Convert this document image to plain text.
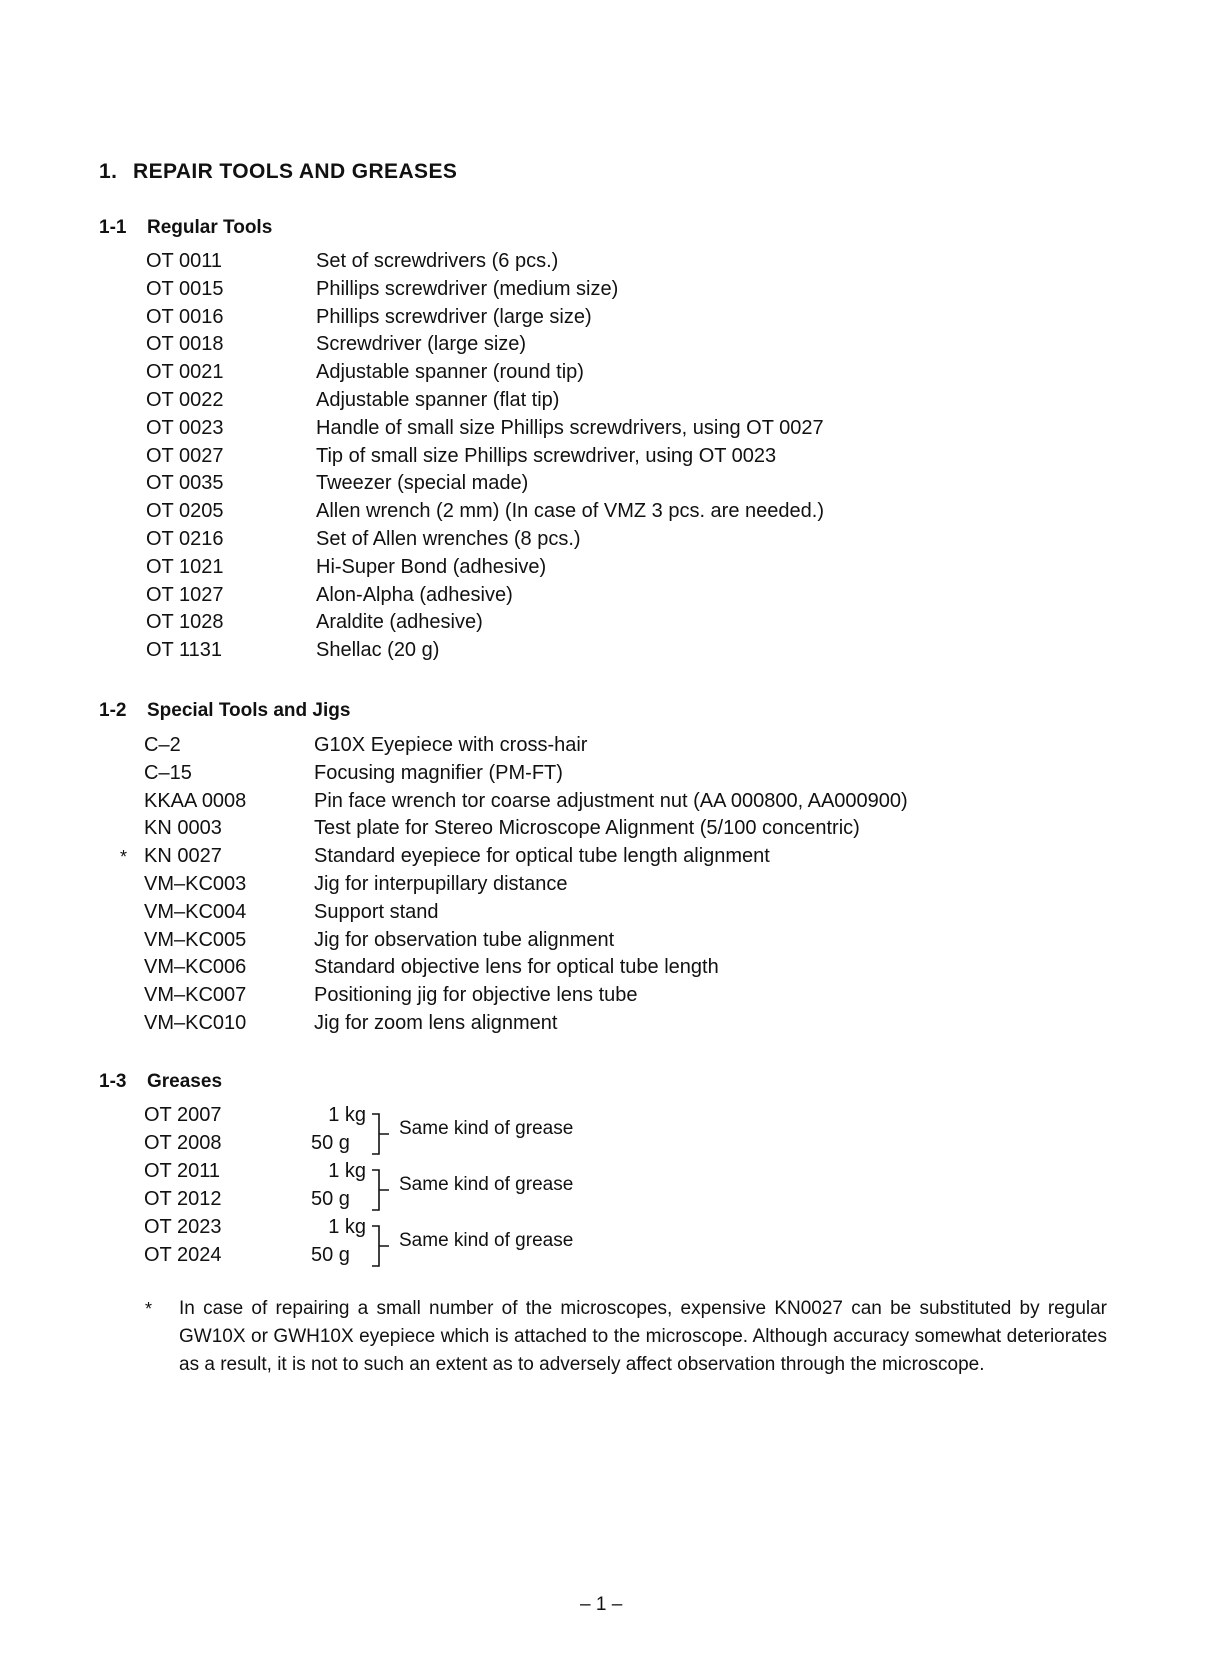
1. REPAIR TOOLS AND GREASES
1-1 Regular Tools
OT 0011	Set of screwdrivers (6 pcs.)
OT 0015	Phillips screwdriver (medium size)
OT 0016	Phillips screwdriver (large size)
OT 0018	Screwdriver (large size)
OT 0021	Adjustable spanner (round tip)
OT 0022	Adjustable spanner (flat tip)
OT 0023	Handle of small size Phillips screwdrivers, using OT 0027
OT 0027	Tip of small size Phillips screwdriver, using OT 0023
OT 0035	Tweezer (special made)
OT 0205	Allen wrench (2 mm) (In case of VMZ 3 pcs. are needed.)
OT 0216	Set of Allen wrenches (8 pcs.)
OT 1021	Hi-Super Bond (adhesive)
OT 1027	Alon-Alpha (adhesive)
OT 1028	Araldite (adhesive)
OT 1131	Shellac (20 g)
1-2 Special Tools and Jigs
C–2	G10X Eyepiece with cross-hair
C–15	Focusing magnifier (PM-FT)
KKAA 0008	Pin face wrench tor coarse adjustment nut (AA 000800, AA000900)
KN 0003	Test plate for Stereo Microscope Alignment (5/100 concentric)
* KN 0027	Standard eyepiece for optical tube length alignment
VM–KC003	Jig for interpupillary distance
VM–KC004	Support stand
VM–KC005	Jig for observation tube alignment
VM–KC006	Standard objective lens for optical tube length
VM–KC007	Positioning jig for objective lens tube
VM–KC010	Jig for zoom lens alignment
1-3 Greases
OT 2007	1 kg
OT 2008	50 g
Same kind of grease
OT 2011	1 kg
OT 2012	50 g
Same kind of grease
OT 2023	1 kg
OT 2024	50 g
Same kind of grease
* In case of repairing a small number of the microscopes, expensive KN0027 can be substituted by regular GW10X or GWH10X eyepiece which is attached to the microscope. Although accuracy somewhat deteriorates as a result, it is not to such an extent as to adversely affect observation through the microscope.
– 1 –
